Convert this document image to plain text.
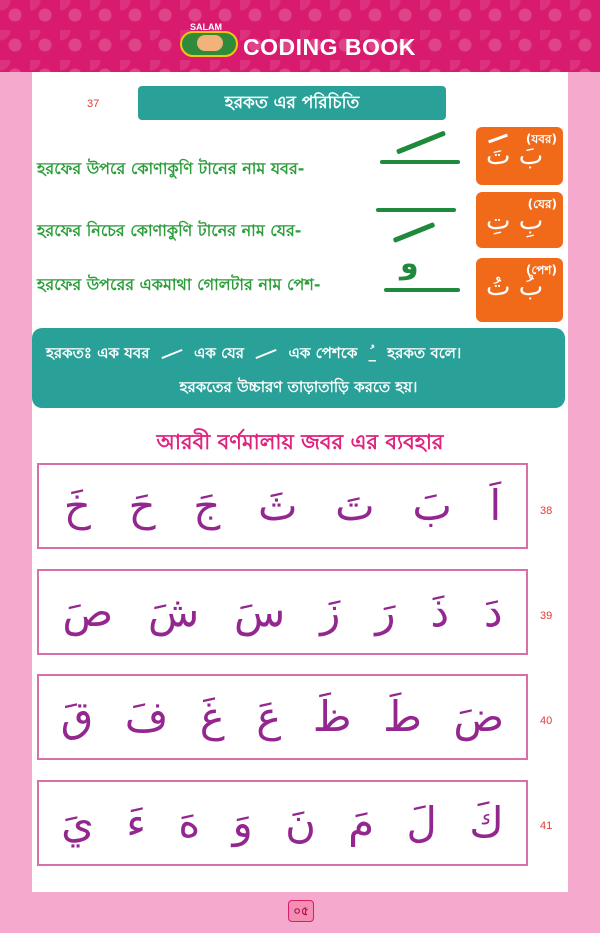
SALAM
CODING BOOK
37	হরকত এর পরিচিতি
হরফের উপরে কোণাকুণি টানের নাম যবর-
হরফের নিচের কোণাকুণি টানের নাম যের-
হরফের উপরের একমাথা গোলটার নাম পেশ-
و
(যবর)
بَ تَ
(যের)
بِ تِ
(পেশ)
بُ تُ
হরকতঃ এক যবর	এক যের	এক পেশকে ُ_ হরকত বলে।
হরকতের উচ্চারণ তাড়াতাড়ি করতে হয়।
আরবী বর্ণমালায় জবর এর ব্যবহার
اَ
بَ
تَ
ثَ
جَ
حَ
خَ	38
دَ
ذَ
رَ
زَ
سَ
شَ
صَ	39
ضَ
طَ
ظَ
عَ
غَ
فَ
قَ	40
كَ
لَ
مَ
نَ
وَ
هَ
ءَ
يَ	41
০৫
